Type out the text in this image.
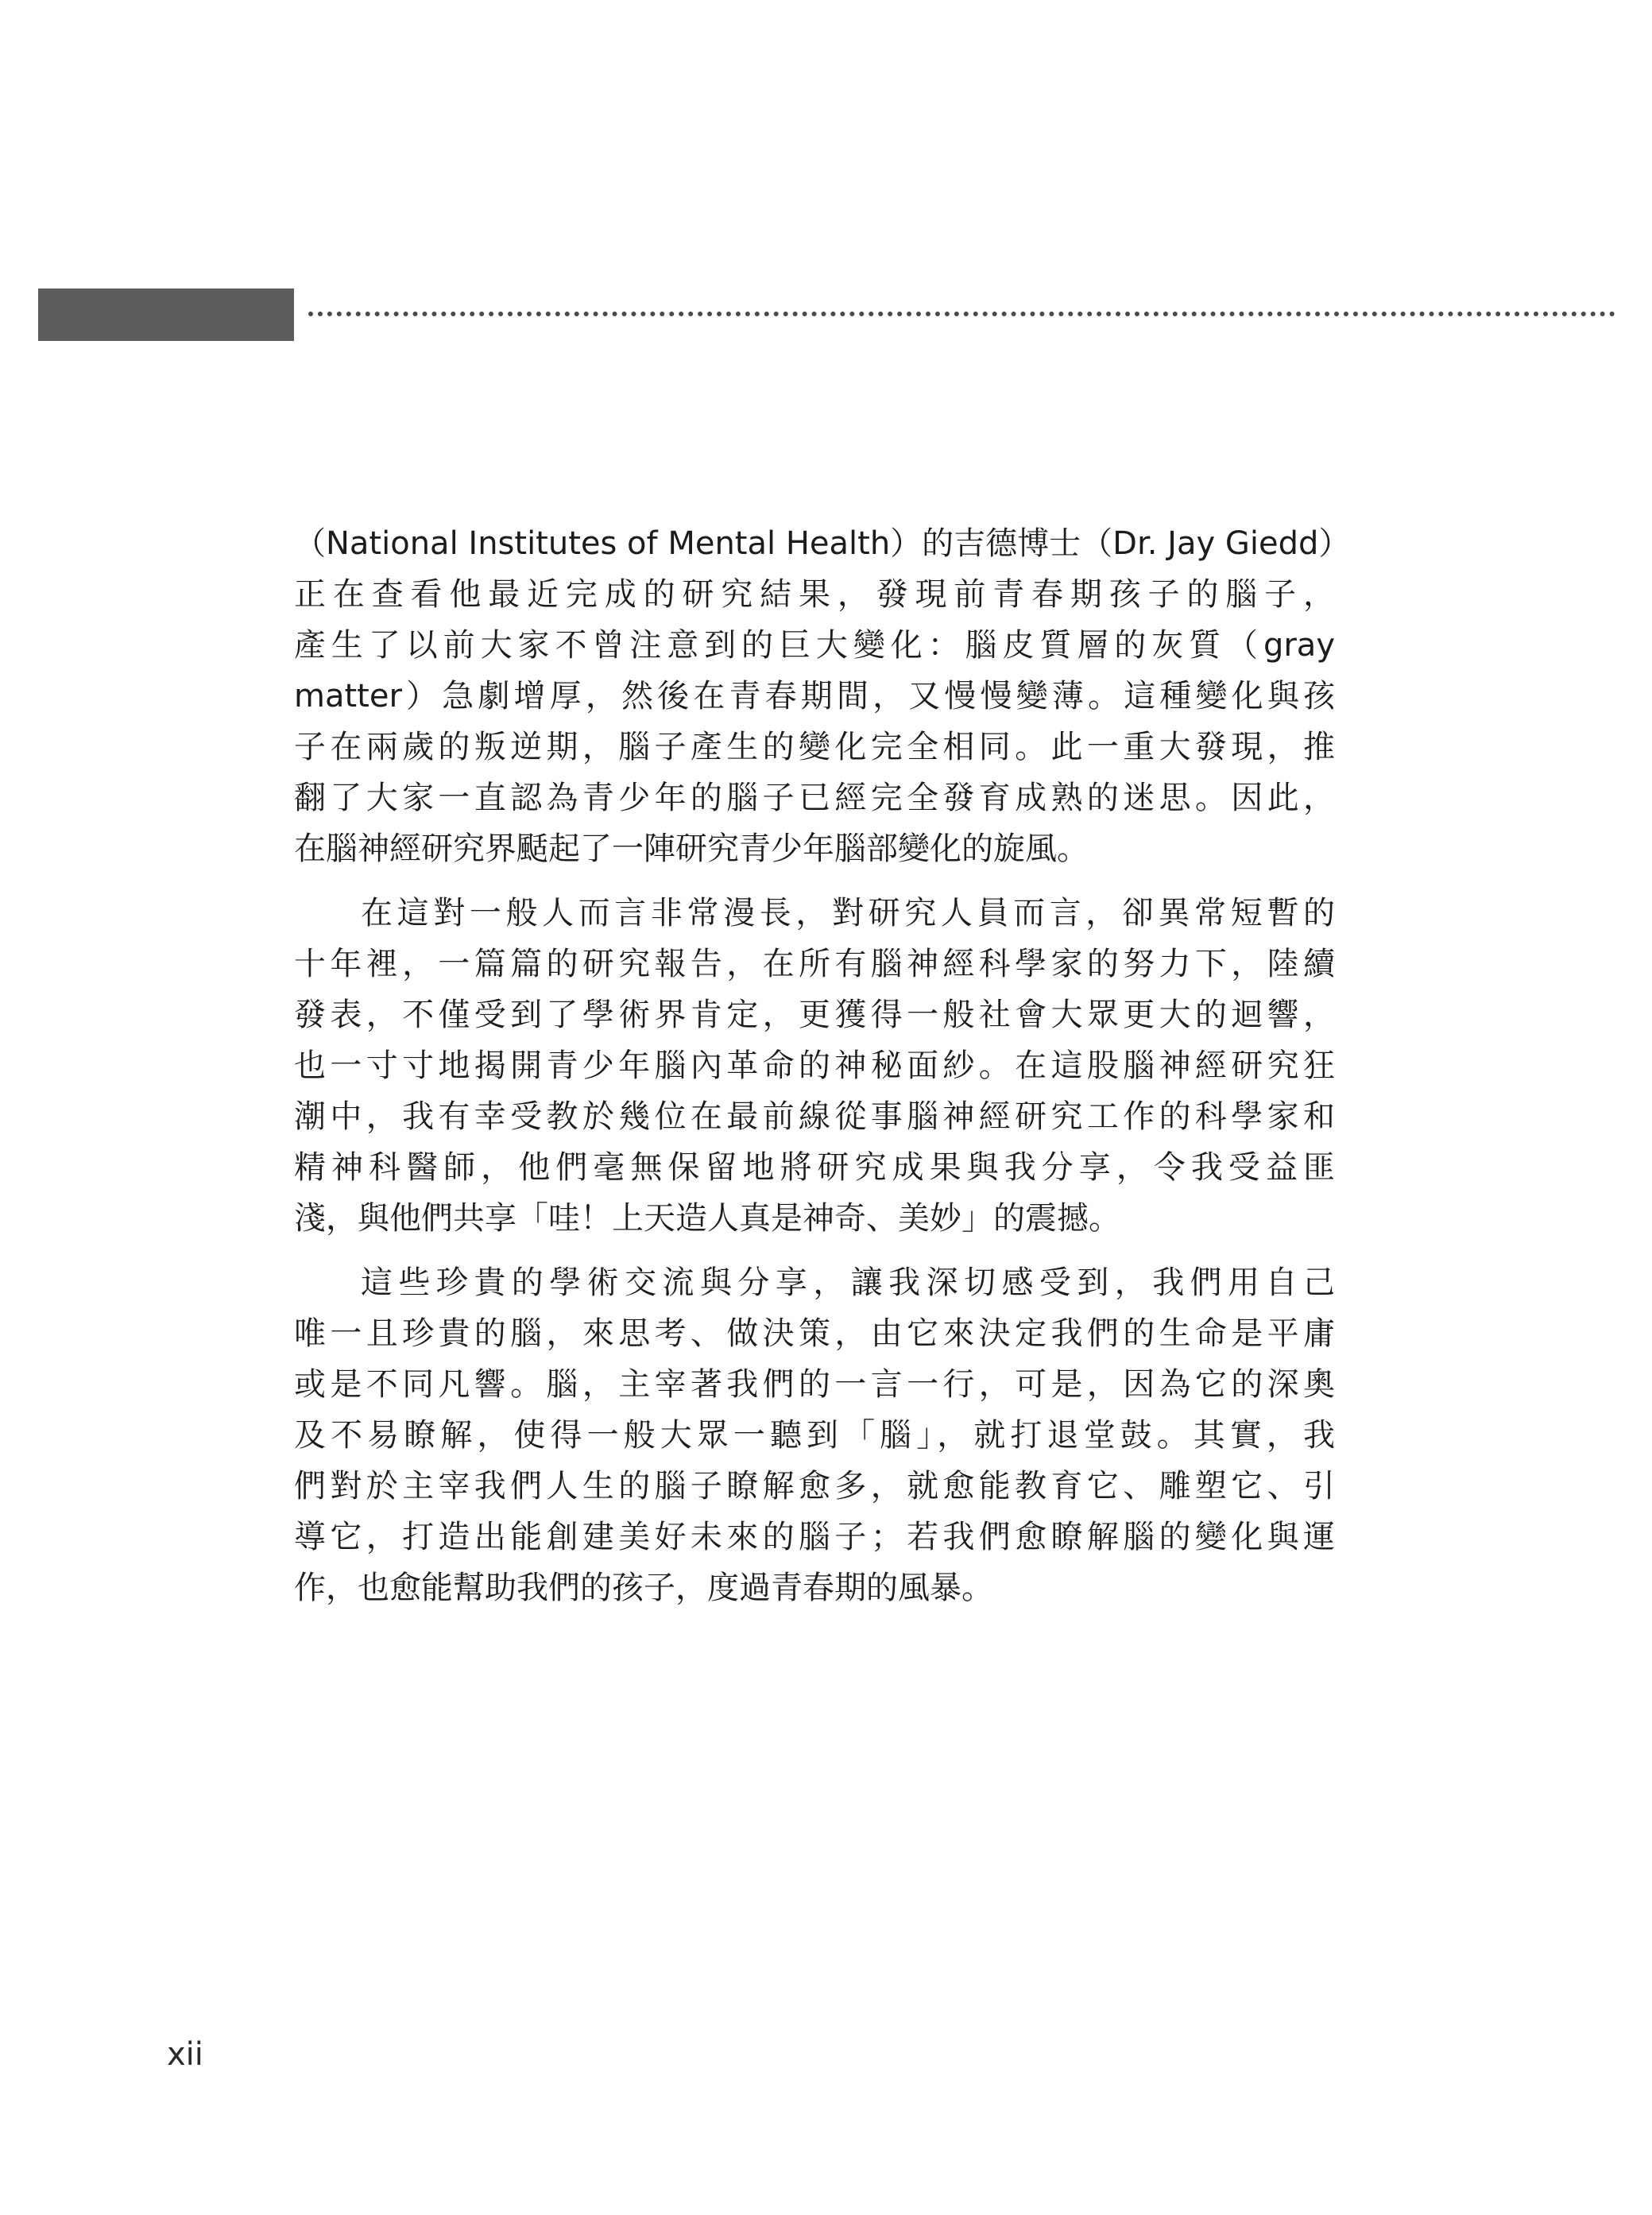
（National Institutes of Mental Health）的吉德博士（Dr. Jay Giedd）
正在查看他最近完成的研究結果，發現前青春期孩子的腦子，
產生了以前大家不曾注意到的巨大變化：腦皮質層的灰質（gray
matter）急劇增厚，然後在青春期間，又慢慢變薄。這種變化與孩
子在兩歲的叛逆期，腦子產生的變化完全相同。此一重大發現，推
翻了大家一直認為青少年的腦子已經完全發育成熟的迷思。因此，
在腦神經研究界颳起了一陣研究青少年腦部變化的旋風。
在這對一般人而言非常漫長，對研究人員而言，卻異常短暫的
十年裡，一篇篇的研究報告，在所有腦神經科學家的努力下，陸續
發表，不僅受到了學術界肯定，更獲得一般社會大眾更大的迴響，
也一寸寸地揭開青少年腦內革命的神秘面紗。在這股腦神經研究狂
潮中，我有幸受教於幾位在最前線從事腦神經研究工作的科學家和
精神科醫師，他們毫無保留地將研究成果與我分享，令我受益匪
淺，與他們共享「哇！上天造人真是神奇、美妙」的震撼。
這些珍貴的學術交流與分享，讓我深切感受到，我們用自己
唯一且珍貴的腦，來思考、做決策，由它來決定我們的生命是平庸
或是不同凡響。腦，主宰著我們的一言一行，可是，因為它的深奧
及不易瞭解，使得一般大眾一聽到「腦」，就打退堂鼓。其實，我
們對於主宰我們人生的腦子瞭解愈多，就愈能教育它、雕塑它、引
導它，打造出能創建美好未來的腦子；若我們愈瞭解腦的變化與運
作，也愈能幫助我們的孩子，度過青春期的風暴。
xii
